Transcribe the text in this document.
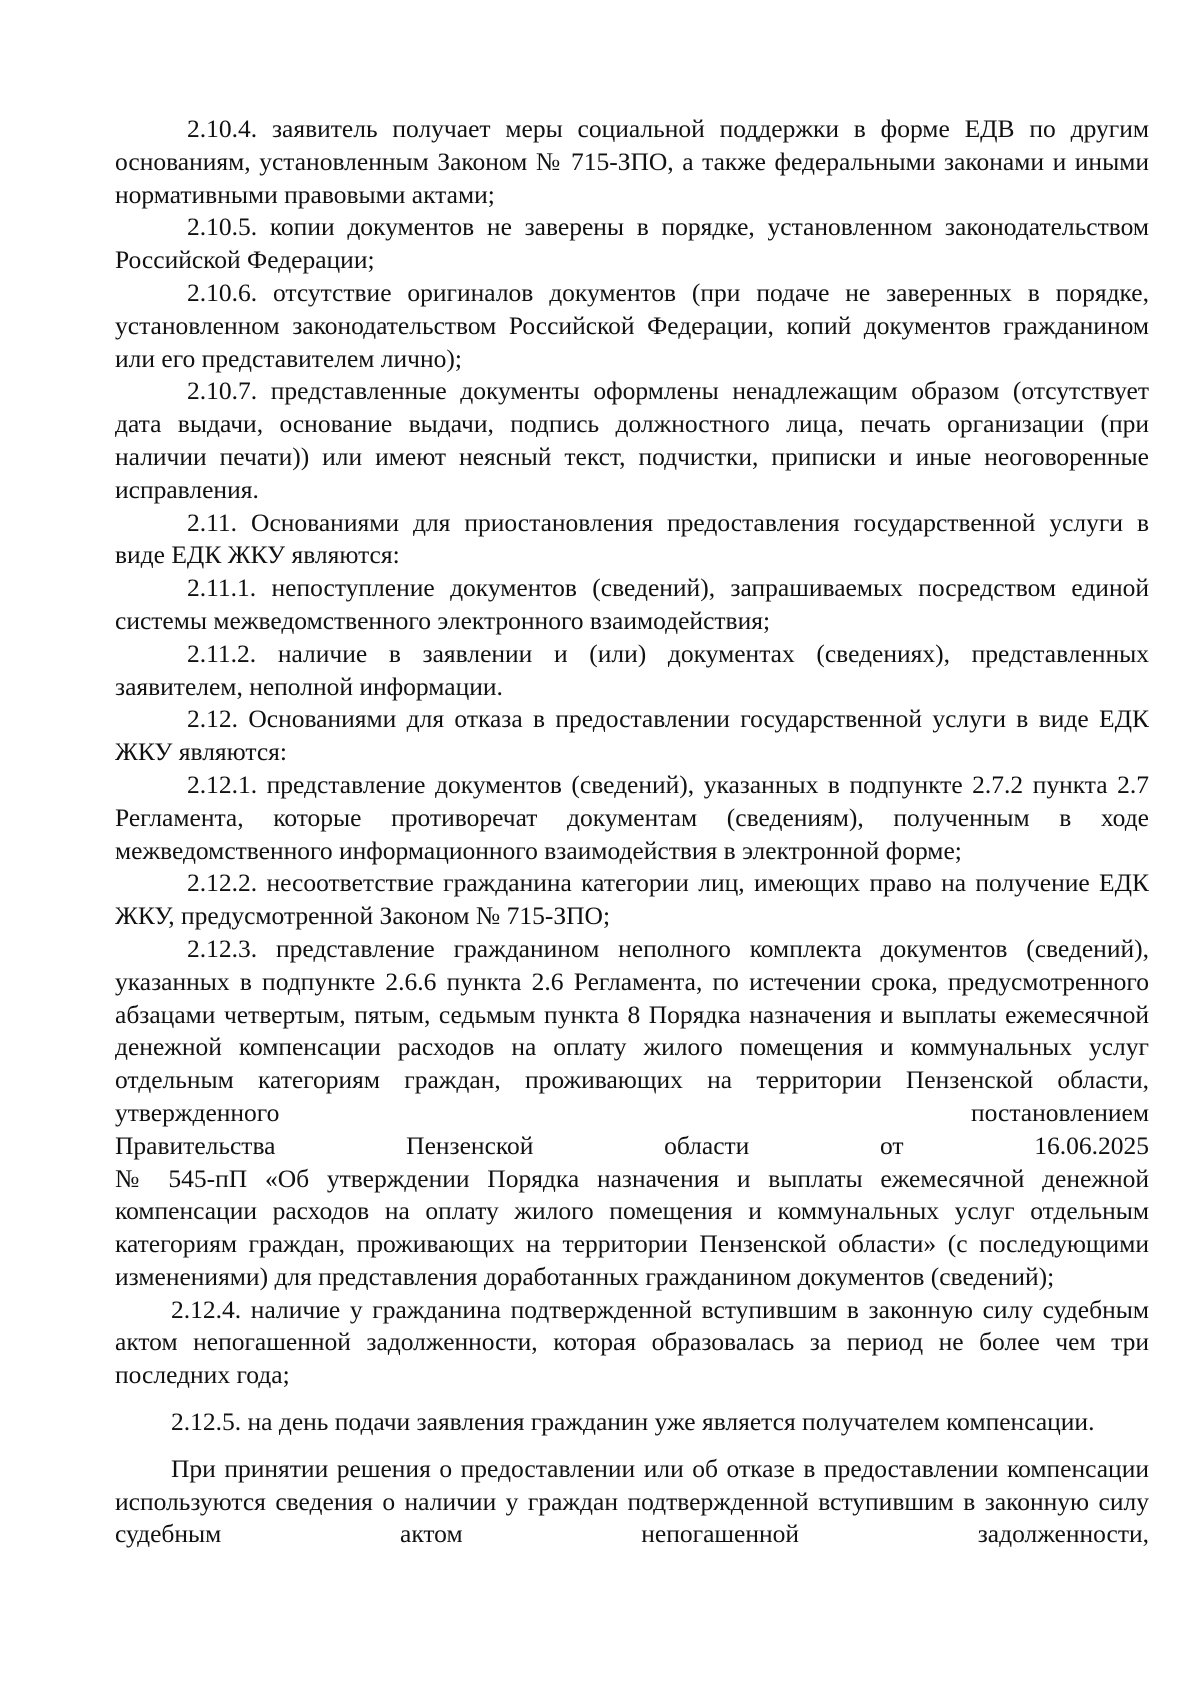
2.10.4. заявитель получает меры социальной поддержки в форме ЕДВ по другим основаниям, установленным Законом № 715-ЗПО, а также федеральными законами и иными нормативными правовыми актами;

2.10.5. копии документов не заверены в порядке, установленном законодательством Российской Федерации;

2.10.6. отсутствие оригиналов документов (при подаче не заверенных в порядке, установленном законодательством Российской Федерации, копий документов гражданином или его представителем лично);

2.10.7. представленные документы оформлены ненадлежащим образом (отсутствует дата выдачи, основание выдачи, подпись должностного лица, печать организации (при наличии печати)) или имеют неясный текст, подчистки, приписки и иные неоговоренные исправления.

2.11. Основаниями для приостановления предоставления государственной услуги в виде ЕДК ЖКУ являются:

2.11.1. непоступление документов (сведений), запрашиваемых посредством единой системы межведомственного электронного взаимодействия;

2.11.2. наличие в заявлении и (или) документах (сведениях), представленных заявителем, неполной информации.

2.12. Основаниями для отказа в предоставлении государственной услуги в виде ЕДК ЖКУ являются:

2.12.1. представление документов (сведений), указанных в подпункте 2.7.2 пункта 2.7 Регламента, которые противоречат документам (сведениям), полученным в ходе межведомственного информационного взаимодействия в электронной форме;

2.12.2. несоответствие гражданина категории лиц, имеющих право на получение ЕДК ЖКУ, предусмотренной Законом № 715-ЗПО;

2.12.3. представление гражданином неполного комплекта документов (сведений), указанных в подпункте 2.6.6 пункта 2.6 Регламента, по истечении срока, предусмотренного абзацами четвертым, пятым, седьмым пункта 8 Порядка назначения и выплаты ежемесячной денежной компенсации расходов на оплату жилого помещения и коммунальных услуг отдельным категориям граждан, проживающих на территории Пензенской области, утвержденного постановлением

Правительства Пензенской области от 16.06.2025

№ 545-пП «Об утверждении Порядка назначения и выплаты ежемесячной денежной компенсации расходов на оплату жилого помещения и коммунальных услуг отдельным категориям граждан, проживающих на территории Пензенской области» (с последующими изменениями) для представления доработанных гражданином документов (сведений);

2.12.4. наличие у гражданина подтвержденной вступившим в законную силу судебным актом непогашенной задолженности, которая образовалась за период не более чем три последних года;

2.12.5. на день подачи заявления гражданин уже является получателем компенсации.

При принятии решения о предоставлении или об отказе в предоставлении компенсации используются сведения о наличии у граждан подтвержденной вступившим в законную силу судебным актом непогашенной задолженности,
